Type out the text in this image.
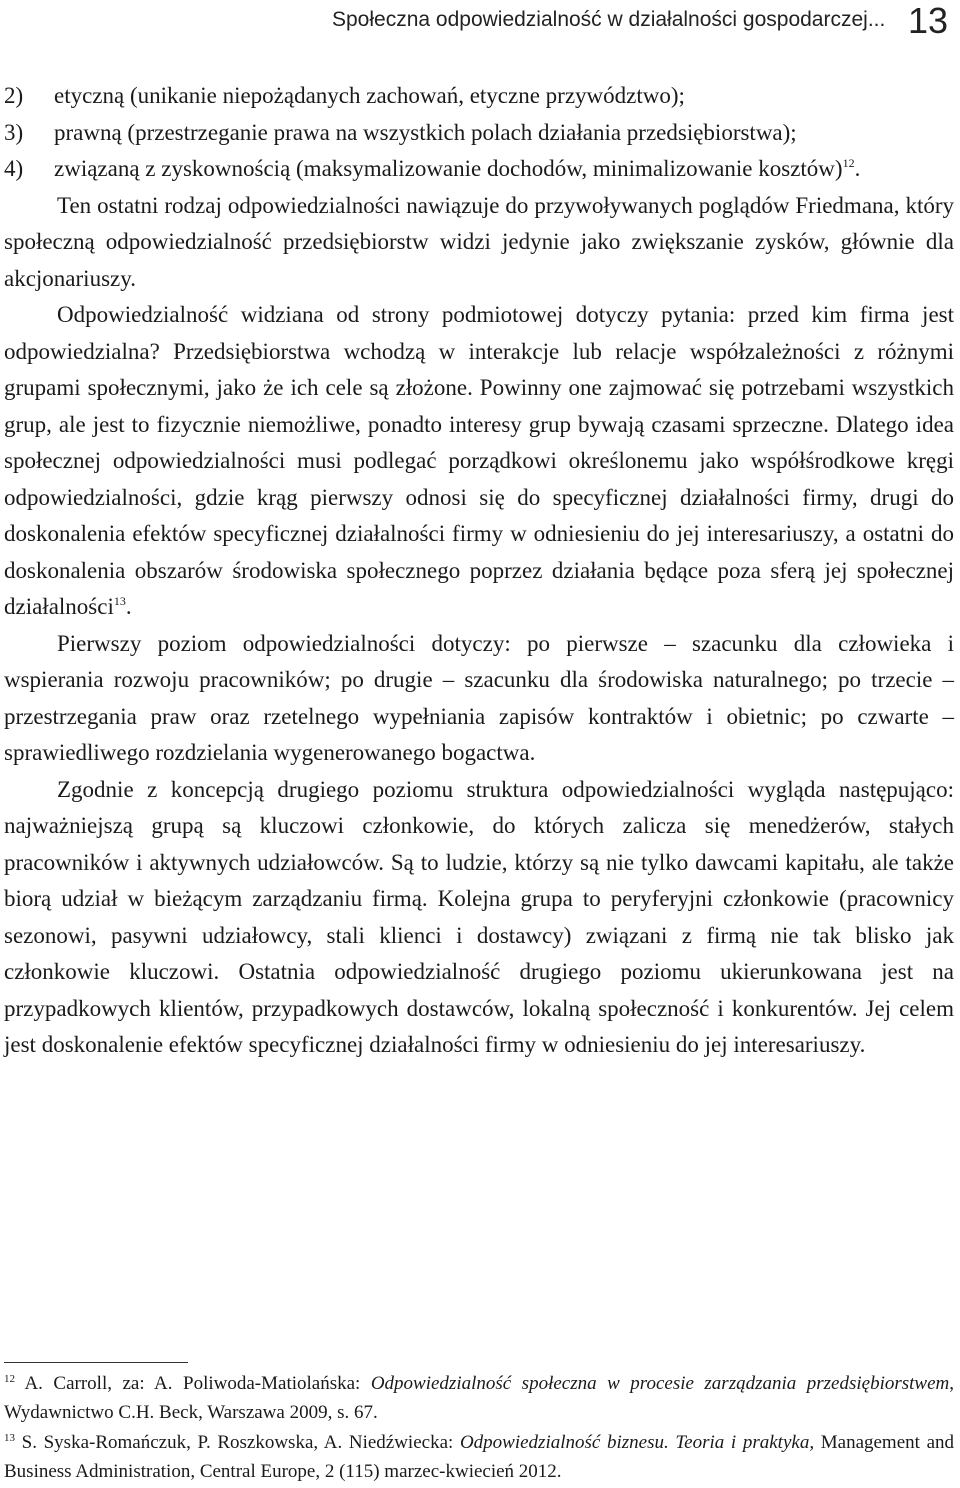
Społeczna odpowiedzialność w działalności gospodarczej... 13
2)	etyczną (unikanie niepożądanych zachowań, etyczne przywództwo);
3)	prawną (przestrzeganie prawa na wszystkich polach działania przedsiębiorstwa);
4)	związaną z zyskownością (maksymalizowanie dochodów, minimalizowanie kosztów)$^{12}$.

Ten ostatni rodzaj odpowiedzialności nawiązuje do przywoływanych poglądów Friedmana, który społeczną odpowiedzialność przedsiębiorstw widzi jedynie jako zwiększanie zysków, głównie dla akcjonariuszy.

Odpowiedzialność widziana od strony podmiotowej dotyczy pytania: przed kim firma jest odpowiedzialna? Przedsiębiorstwa wchodzą w interakcje lub relacje współzależności z różnymi grupami społecznymi, jako że ich cele są złożone. Powinny one zajmować się potrzebami wszystkich grup, ale jest to fizycznie niemożliwe, ponadto interesy grup bywają czasami sprzeczne. Dlatego idea społecznej odpowiedzialności musi podlegać porządkowi określonemu jako współśrodkowe kręgi odpowiedzialności, gdzie krąg pierwszy odnosi się do specyficznej działalności firmy, drugi do doskonalenia efektów specyficznej działalności firmy w odniesieniu do jej interesariuszy, a ostatni do doskonalenia obszarów środowiska społecznego poprzez działania będące poza sferą jej społecznej działalności$^{13}$.

Pierwszy poziom odpowiedzialności dotyczy: po pierwsze – szacunku dla człowieka i wspierania rozwoju pracowników; po drugie – szacunku dla środowiska naturalnego; po trzecie – przestrzegania praw oraz rzetelnego wypełniania zapisów kontraktów i obietnic; po czwarte – sprawiedliwego rozdzielania wygenerowanego bogactwa.

Zgodnie z koncepcją drugiego poziomu struktura odpowiedzialności wygląda następująco: najważniejszą grupą są kluczowi członkowie, do których zalicza się menedżerów, stałych pracowników i aktywnych udziałowców. Są to ludzie, którzy są nie tylko dawcami kapitału, ale także biorą udział w bieżącym zarządzaniu firmą. Kolejna grupa to peryferyjni członkowie (pracownicy sezonowi, pasywni udziałowcy, stali klienci i dostawcy) związani z firmą nie tak blisko jak członkowie kluczowi. Ostatnia odpowiedzialność drugiego poziomu ukierunkowana jest na przypadkowych klientów, przypadkowych dostawców, lokalną społeczność i konkurentów. Jej celem jest doskonalenie efektów specyficznej działalności firmy w odniesieniu do jej interesariuszy.

$^{12}$ A. Carroll, za: A. Poliwoda-Matiolańska: Odpowiedzialność społeczna w procesie zarządzania przedsiębiorstwem, Wydawnictwo C.H. Beck, Warszawa 2009, s. 67.

$^{13}$ S. Syska-Romańczuk, P. Roszkowska, A. Niedźwiecka: Odpowiedzialność biznesu. Teoria i praktyka, Management and Business Administration, Central Europe, 2 (115) marzec-kwiecień 2012.
